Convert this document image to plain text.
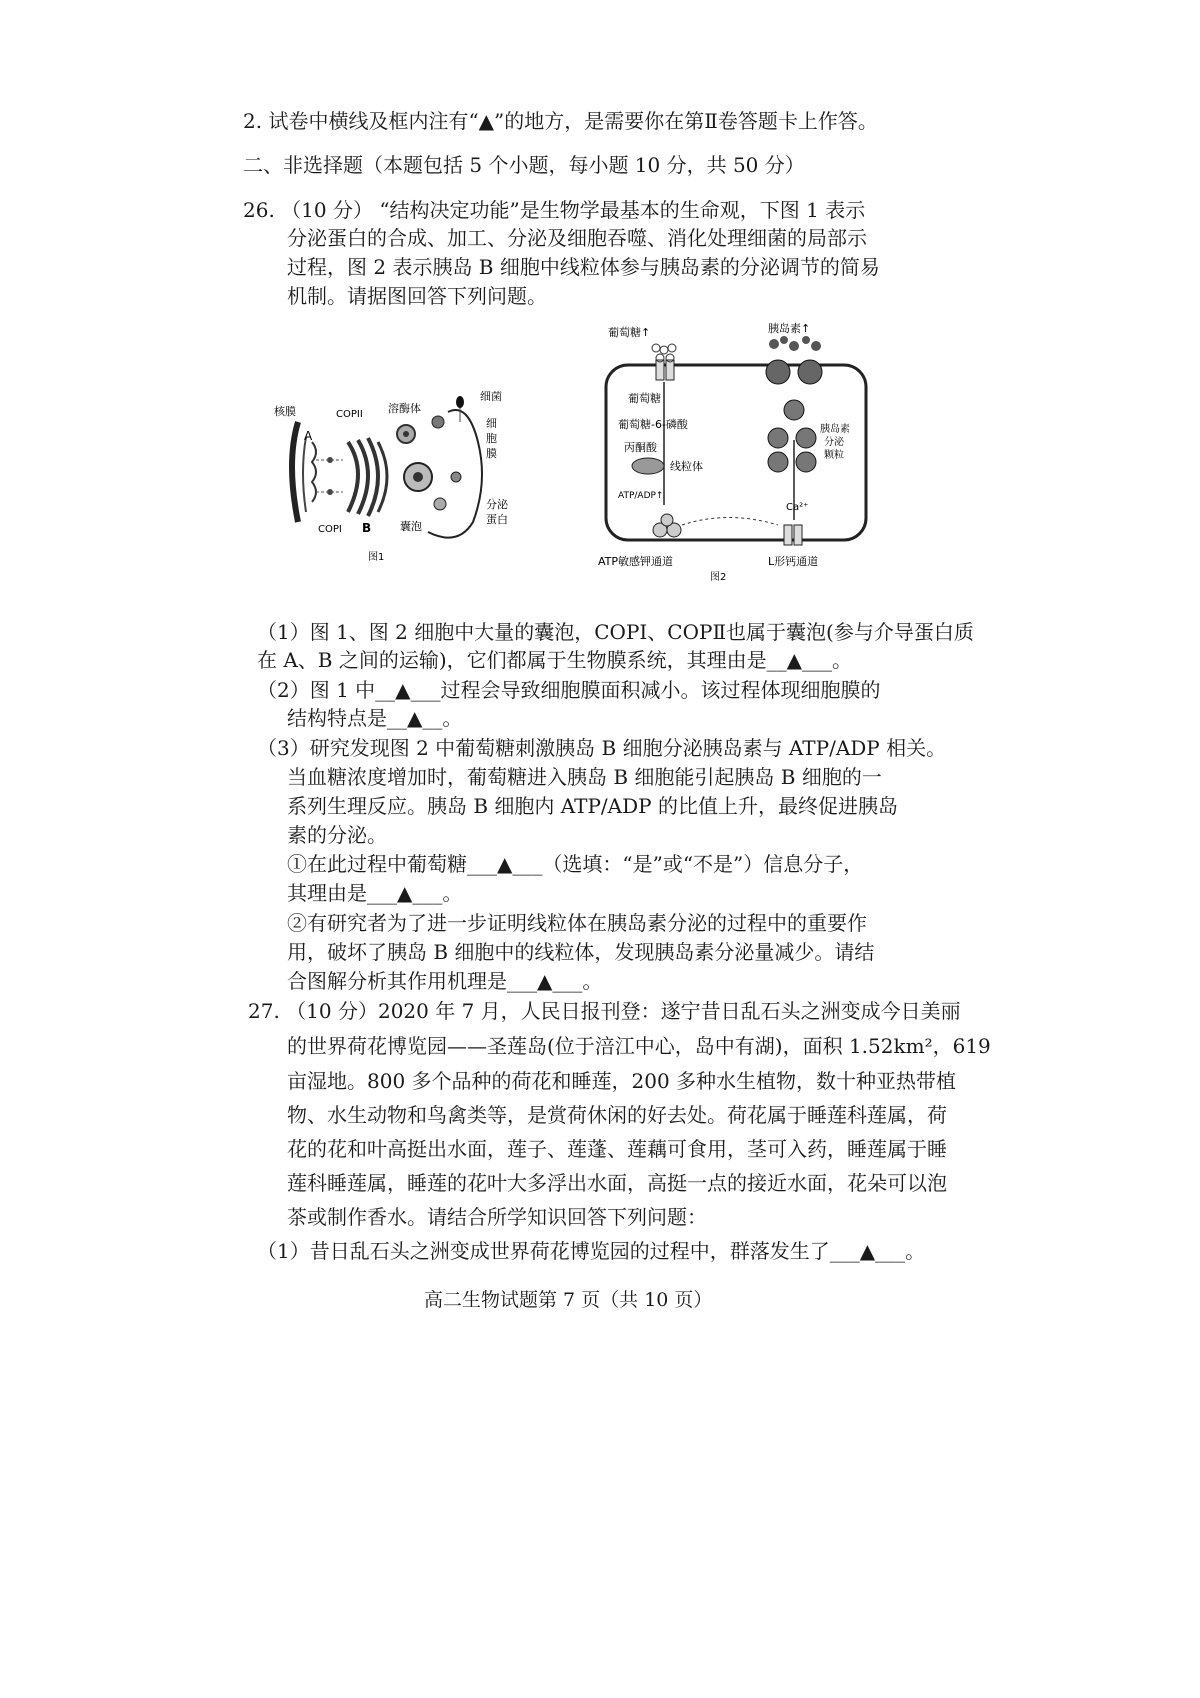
2. 试卷中横线及框内注有“▲”的地方，是需要你在第Ⅱ卷答题卡上作答。
二、非选择题（本题包括 5 个小题，每小题 10 分，共 50 分）
26. （10 分） “结构决定功能”是生物学最基本的生命观，下图 1 表示
分泌蛋白的合成、加工、分泌及细胞吞噬、消化处理细菌的局部示
过程，图 2 表示胰岛 B 细胞中线粒体参与胰岛素的分泌调节的简易
机制。请据图回答下列问题。
核膜	COPII 溶酶体
细菌
细
胞
膜
A
B
COPI	囊泡
分泌
蛋白
图1
葡萄糖↑	胰岛素↑
葡萄糖
葡萄糖-6-磷酸
丙酮酸
线粒体
ATP/ADP↑
Ca²⁺
胰岛素
分泌
颗粒
ATP敏感钾通道	L形钙通道
图2
（1）图 1、图 2 细胞中大量的囊泡，COPⅠ、COPⅡ也属于囊泡(参与介导蛋白质
在 A、B 之间的运输)，它们都属于生物膜系统，其理由是__▲___。
（2）图 1 中__▲___过程会导致细胞膜面积减小。该过程体现细胞膜的
结构特点是__▲__。
（3）研究发现图 2 中葡萄糖刺激胰岛 B 细胞分泌胰岛素与 ATP/ADP 相关。
当血糖浓度增加时，葡萄糖进入胰岛 B 细胞能引起胰岛 B 细胞的一
系列生理反应。胰岛 B 细胞内 ATP/ADP 的比值上升，最终促进胰岛
素的分泌。
①在此过程中葡萄糖___▲___（选填：“是”或“不是”）信息分子，
其理由是___▲___。
②有研究者为了进一步证明线粒体在胰岛素分泌的过程中的重要作
用，破坏了胰岛 B 细胞中的线粒体，发现胰岛素分泌量减少。请结
合图解分析其作用机理是___▲___。
27. （10 分）2020 年 7 月，人民日报刊登：遂宁昔日乱石头之洲变成今日美丽
的世界荷花博览园——圣莲岛(位于涪江中心，岛中有湖)，面积 1.52km²，619
亩湿地。800 多个品种的荷花和睡莲，200 多种水生植物，数十种亚热带植
物、水生动物和鸟禽类等，是赏荷休闲的好去处。荷花属于睡莲科莲属，荷
花的花和叶高挺出水面，莲子、莲蓬、莲藕可食用，茎可入药，睡莲属于睡
莲科睡莲属，睡莲的花叶大多浮出水面，高挺一点的接近水面，花朵可以泡
茶或制作香水。请结合所学知识回答下列问题：
（1）昔日乱石头之洲变成世界荷花博览园的过程中，群落发生了___▲___。
高二生物试题第 7 页（共 10 页）
